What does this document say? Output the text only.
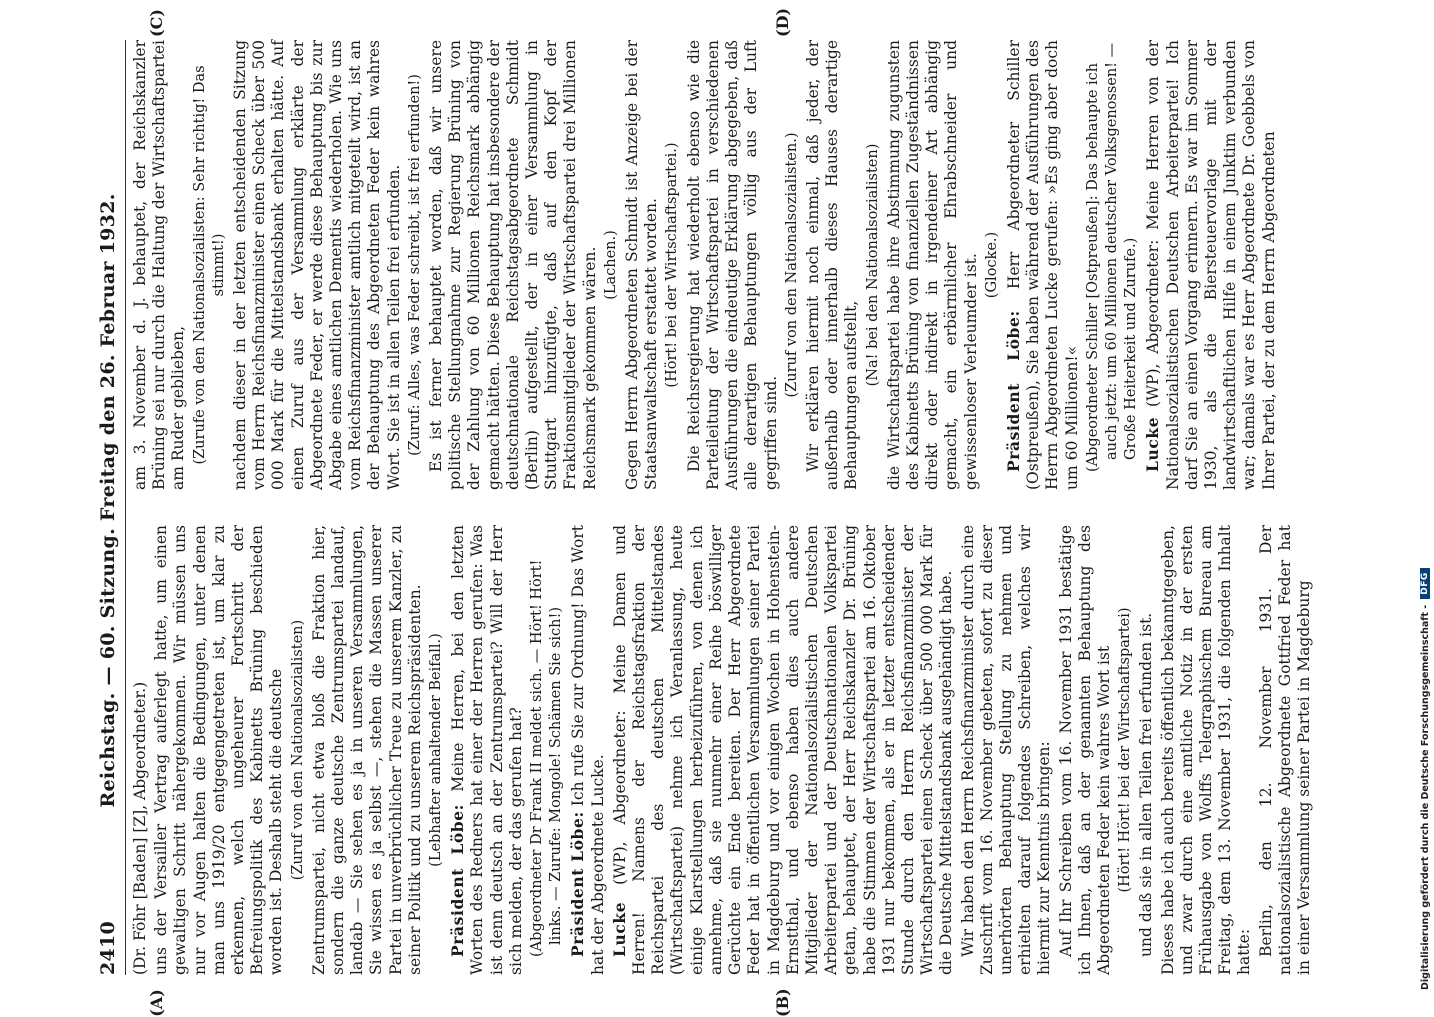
2410
Reichstag. — 60. Sitzung. Freitag den 26. Februar 1932.

(Dr. Föhr [Baden] [Z], Abgeordneter.) uns der Versailler Vertrag auferlegt hatte, um einen gewaltigen Schritt nähergekommen. Wir müssen uns nur vor Augen halten die Bedingungen, unter denen man uns 1919/20 entgegengetreten ist, um klar zu erkennen, welch ungeheurer Fortschritt der Befreiungspolitik des Kabinetts Brüning beschieden worden ist. Deshalb steht die deutsche (Zuruf von den Nationalsozialisten) Zentrumspartei, nicht etwa bloß die Fraktion hier, sondern die ganze deutsche Zentrumspartei landauf, landab — Sie sehen es ja in unseren Versammlungen, Sie wissen es ja selbst —, stehen die Massen unserer Partei in unverbrüchlicher Treue zu unserem Kanzler, zu seiner Politik und zu unserem Reichspräsidenten. (Lebhafter anhaltender Beifall.)

Präsident Löbe: Meine Herren, bei den letzten Worten des Redners hat einer der Herren gerufen: Was ist denn deutsch an der Zentrumspartei? Will der Herr sich melden, der das gerufen hat? (Abgeordneter Dr Frank II meldet sich. — Hört! Hört! links. — Zurufe: Mongole! Schämen Sie sich!) Präsident Löbe: Ich rufe Sie zur Ordnung! Das Wort hat der Abgeordnete Lucke. Lucke (WP), Abgeordneter: Meine Damen und Herren! Namens der Reichstagsfraktion der Reichspartei des deutschen Mittelstandes (Wirtschaftspartei) nehme ich Veranlassung, heute einige Klarstellungen herbeizuführen, von denen ich annehme, daß sie nunmehr einer Reihe böswilliger Gerüchte ein Ende bereiten. Der Herr Abgeordnete Feder hat in öffentlichen Versammlungen seiner Partei in Magdeburg und vor einigen Wochen in Hohenstein-Ernstthal, und ebenso haben dies auch andere Mitglieder der Nationalsozialistischen Deutschen Arbeiterpartei und der Deutschnationalen Volkspartei getan, behauptet, der Herr Reichskanzler Dr. Brüning habe die Stimmen der Wirtschaftspartei am 16. Oktober 1931 nur bekommen, als er in letzter entscheidender Stunde durch den Herrn Reichsfinanzminister der Wirtschaftspartei einen Scheck über 500 000 Mark für die Deutsche Mittelstandsbank ausgehändigt habe. Wir haben den Herrn Reichsfinanzminister durch eine Zuschrift vom 16. November gebeten, sofort zu dieser unerhörten Behauptung Stellung zu nehmen und erhielten darauf folgendes Schreiben, welches wir hiermit zur Kenntnis bringen: Auf Ihr Schreiben vom 16. November 1931 bestätige ich Ihnen, daß an der genannten Behauptung des Abgeordneten Feder kein wahres Wort ist (Hört! Hört! bei der Wirtschaftspartei) und daß sie in allen Teilen frei erfunden ist. Dieses habe ich auch bereits öffentlich bekanntgegeben, und zwar durch eine amtliche Notiz in der ersten Frühausgabe von Wolffs Telegraphischem Bureau am Freitag, dem 13. November 1931, die folgenden Inhalt hatte: Berlin, den 12. November 1931. Der nationalsozialistische Abgeordnete Gottfried Feder hat in einer Versammlung seiner Partei in Magdeburg

am 3. November d. J. behauptet, der Reichskanzler Brüning sei nur durch die Haltung der Wirtschaftspartei am Ruder geblieben, (Zurufe von den Nationalsozialisten: Sehr richtig! Das stimmt!) nachdem dieser in der letzten entscheidenden Sitzung vom Herrn Reichsfinanzminister einen Scheck über 500 000 Mark für die Mittelstandsbank erhalten hätte. Auf einen Zuruf aus der Versammlung erklärte der Abgeordnete Feder, er werde diese Behauptung bis zur Abgabe eines amtlichen Dementis wiederholen. Wie uns vom Reichsfinanzminister amtlich mitgeteilt wird, ist an der Behauptung des Abgeordneten Feder kein wahres Wort. Sie ist in allen Teilen frei erfunden. (Zuruf: Alles, was Feder schreibt, ist frei erfunden!) Es ist ferner behauptet worden, daß wir unsere politische Stellungnahme zur Regierung Brüning von der Zahlung von 60 Millionen Reichsmark abhängig gemacht hätten. Diese Behauptung hat insbesondere der deutschnationale Reichstagsabgeordnete Schmidt (Berlin) aufgestellt, der in einer Versammlung in Stuttgart hinzufügte, daß auf den Kopf der Fraktionsmitglieder der Wirtschaftspartei drei Millionen Reichsmark gekommen wären. (Lachen.) Gegen Herrn Abgeordneten Schmidt ist Anzeige bei der Staatsanwaltschaft erstattet worden. (Hört! bei der Wirtschaftspartei.) Die Reichsregierung hat wiederholt ebenso wie die Parteileitung der Wirtschaftspartei in verschiedenen Ausführungen die eindeutige Erklärung abgegeben, daß alle derartigen Behauptungen völlig aus der Luft gegriffen sind.

(Zuruf von den Nationalsozialisten.) Wir erklären hiermit noch einmal, daß jeder, der außerhalb oder innerhalb dieses Hauses derartige Behauptungen aufstellt,

(Na! bei den Nationalsozialisten) die Wirtschaftspartei habe ihre Abstimmung zugunsten des Kabinetts Brüning von finanziellen Zugeständnissen direkt oder indirekt in irgendeiner Art abhängig gemacht, ein erbärmlicher Ehrabschneider und gewissenloser Verleumder ist. (Glocke.)

Präsident Löbe: Herr Abgeordneter Schiller (Ostpreußen), Sie haben während der Ausführungen des Herrn Abgeordneten Lucke gerufen: »Es ging aber doch um 60 Millionen!« (Abgeordneter Schiller [Ostpreußen]: Das behaupte ich auch jetzt: um 60 Millionen deutscher Volksgenossen! — Große Heiterkeit und Zurufe.) Lucke (WP), Abgeordneter: Meine Herren von der Nationalsozialistischen Deutschen Arbeiterpartei! Ich darf Sie an einen Vorgang erinnern. Es war im Sommer 1930, als die Biersteuervorlage mit der landwirtschaftlichen Hilfe in einem Junktim verbunden war; damals war es Herr Abgeordnete Dr. Goebbels von Ihrer Partei, der zu dem Herrn Abgeordneten

(A)	(B)
(C)	(D)
Digitalisierung gefördert durch die Deutsche Forschungsgemeinschaft -
DFG
